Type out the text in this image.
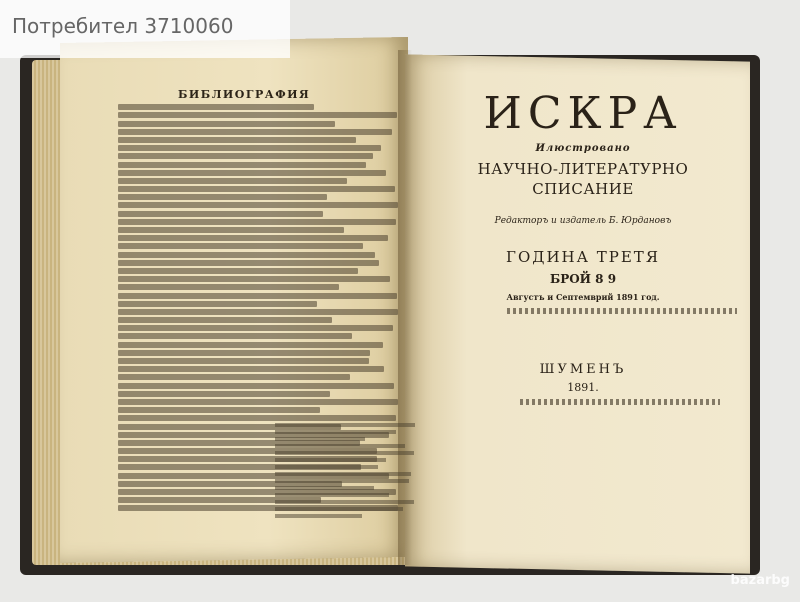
БИБЛИОГРАФИЯ	ИСКРА
Илюстровано
НАУЧНО-ЛИТЕРАТУРНО
СПИСАНИЕ
Редакторъ и издатель Б. Юрдановъ
ГОДИНА ТРЕТЯ
БРОЙ 8 9
Августъ и Септемврий 1891 год.
ШУМЕНЪ
1891.
Потребител 3710060
bazarbg
